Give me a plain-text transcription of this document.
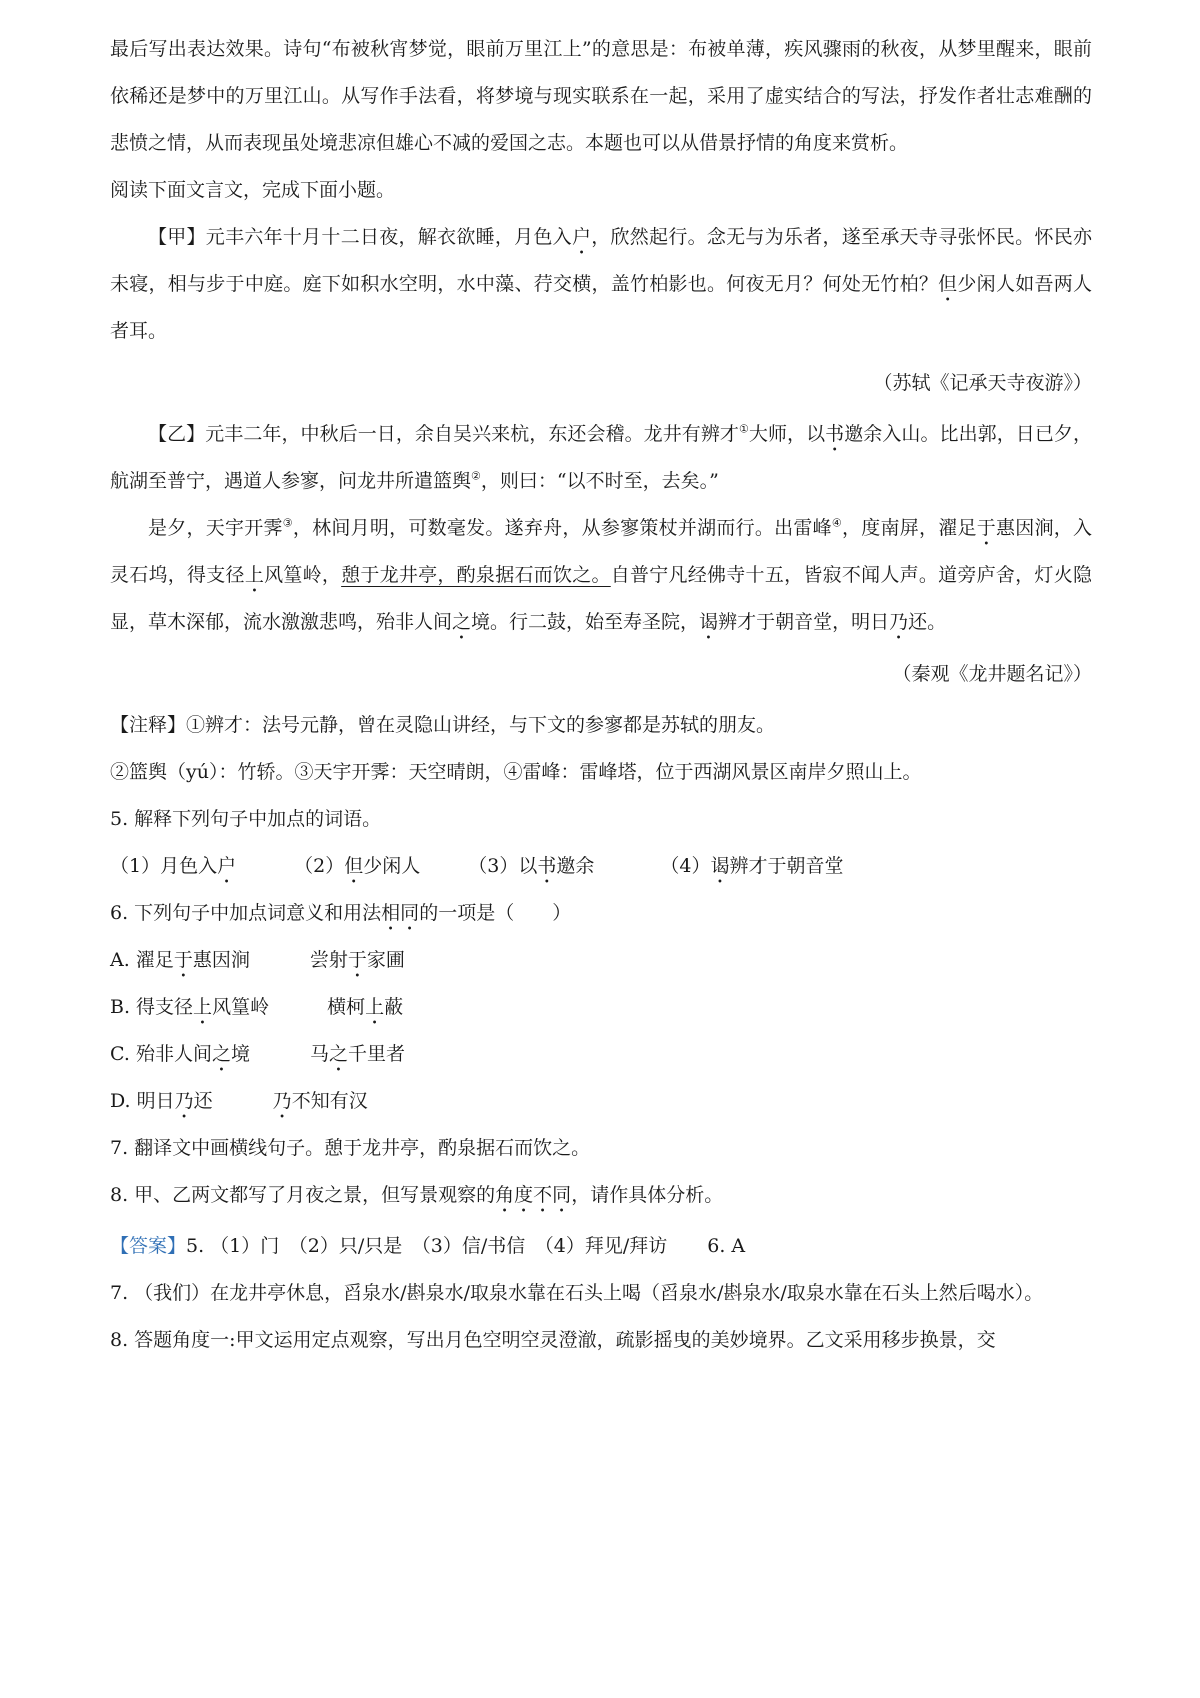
最后写出表达效果。诗句“布被秋宵梦觉，眼前万里江上”的意思是：布被单薄，疾风骤雨的秋夜，从梦里醒来，眼前依稀还是梦中的万里江山。从写作手法看，将梦境与现实联系在一起，采用了虚实结合的写法，抒发作者壮志难酬的悲愤之情，从而表现虽处境悲凉但雄心不减的爱国之志。本题也可以从借景抒情的角度来赏析。

阅读下面文言文，完成下面小题。

【甲】元丰六年十月十二日夜，解衣欲睡，月色入户，欣然起行。念无与为乐者，遂至承天寺寻张怀民。怀民亦未寝，相与步于中庭。庭下如积水空明，水中藻、荇交横，盖竹柏影也。何夜无月？何处无竹柏？但少闲人如吾两人者耳。

（苏轼《记承天寺夜游》）

【乙】元丰二年，中秋后一日，余自吴兴来杭，东还会稽。龙井有辨才①大师，以书邀余入山。比出郭，日已夕，航湖至普宁，遇道人参寥，问龙井所遣篮舆②，则曰：“以不时至，去矣。”

是夕，天宇开霁③，林间月明，可数毫发。遂弃舟，从参寥策杖并湖而行。出雷峰④，度南屏，濯足于惠因涧，入灵石坞，得支径上风篁岭，憩于龙井亭，酌泉据石而饮之。自普宁凡经佛寺十五，皆寂不闻人声。道旁庐舍，灯火隐显，草木深郁，流水激激悲鸣，殆非人间之境。行二鼓，始至寿圣院，谒辨才于朝音堂，明日乃还。

（秦观《龙井题名记》）

【注释】①辨才：法号元静，曾在灵隐山讲经，与下文的参寥都是苏轼的朋友。

②篮舆（yú）：竹轿。③天宇开霁：天空晴朗，④雷峰：雷峰塔，位于西湖风景区南岸夕照山上。

5. 解释下列句子中加点的词语。

（1）月色入户	（2）但少闲人	（3）以书邀余	（4）谒辨才于朝音堂

6. 下列句子中加点词意义和用法相同的一项是（　　）

A. 濯足于惠因涧	尝射于家圃

B. 得支径上风篁岭	横柯上蔽

C. 殆非人间之境	马之千里者

D. 明日乃还	乃不知有汉

7. 翻译文中画横线句子。憩于龙井亭，酌泉据石而饮之。

8. 甲、乙两文都写了月夜之景，但写景观察的角度不同，请作具体分析。

【答案】5. （1）门　（2）只/只是　（3）信/书信　（4）拜见/拜访 6. A

7. （我们）在龙井亭休息，舀泉水/斟泉水/取泉水靠在石头上喝（舀泉水/斟泉水/取泉水靠在石头上然后喝水）。

8. 答题角度一:甲文运用定点观察，写出月色空明空灵澄澈，疏影摇曳的美妙境界。乙文采用移步换景，交
